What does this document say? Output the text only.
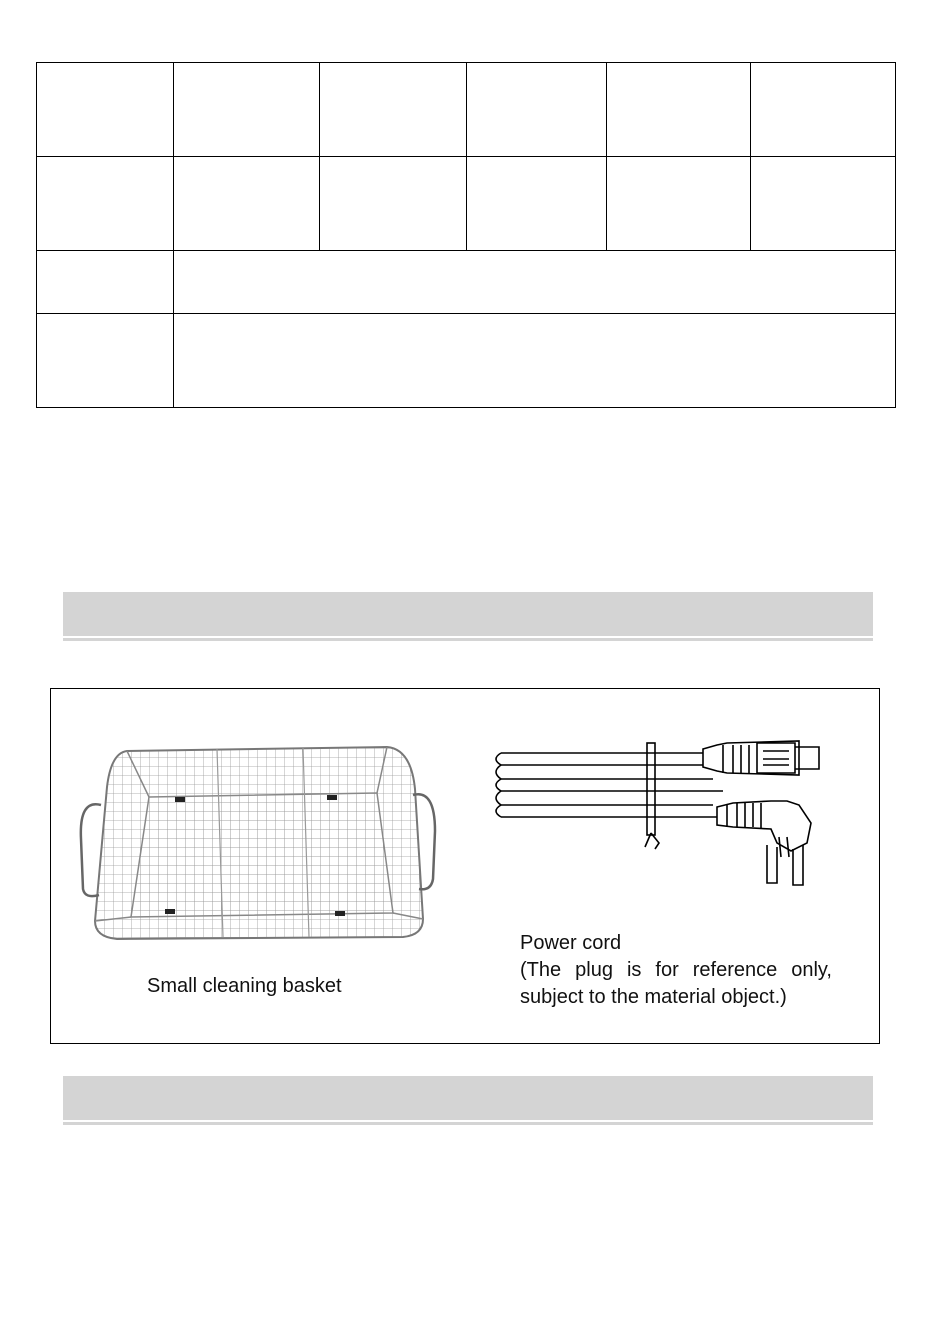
Small cleaning basket
Power cord
(The plug is for reference only,
subject to the material object.)
